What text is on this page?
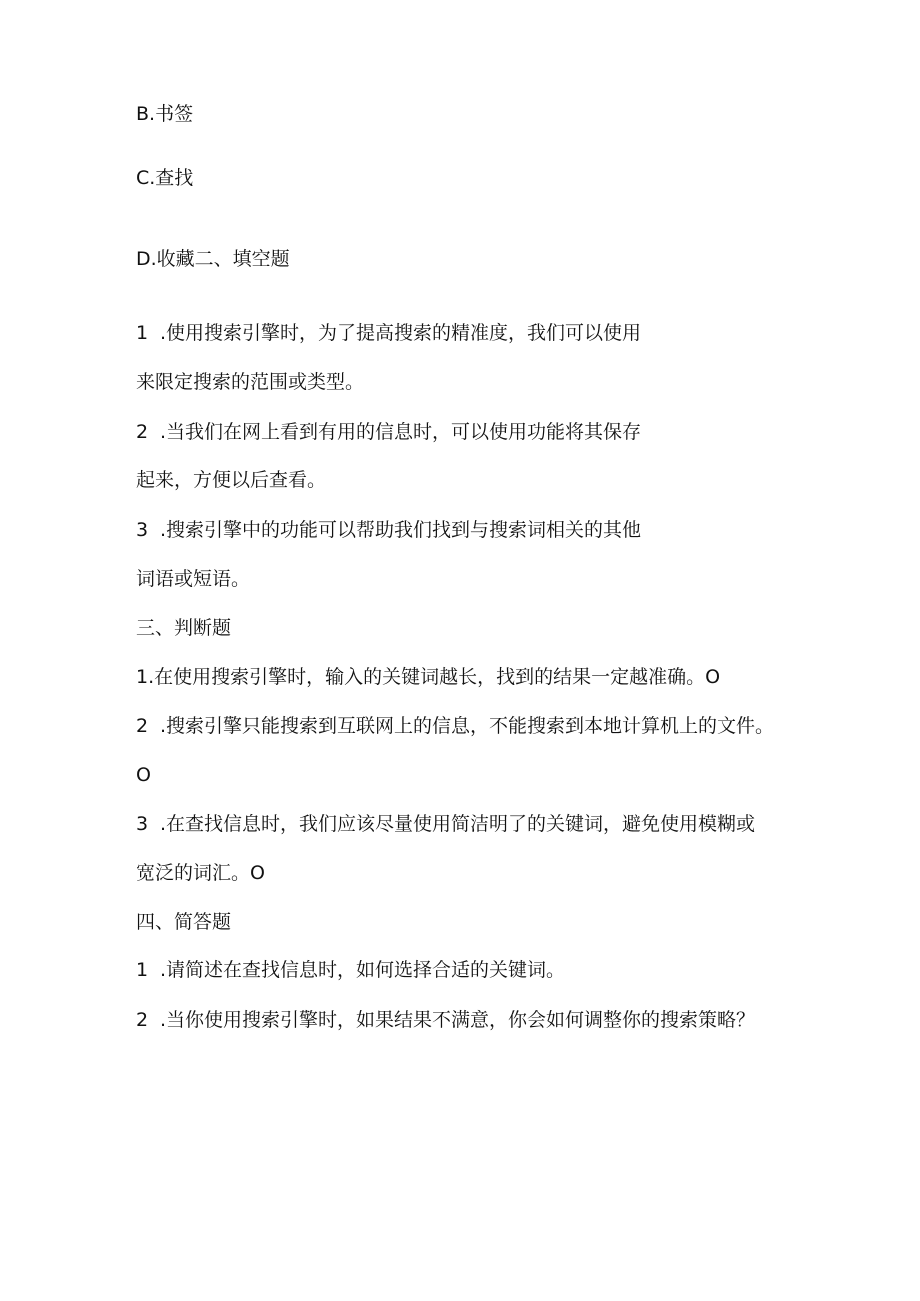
B.书签
C.查找
D.收藏二、填空题
1 .使用搜索引擎时，为了提高搜索的精准度，我们可以使用
来限定搜索的范围或类型。
2 .当我们在网上看到有用的信息时，可以使用功能将其保存
起来，方便以后查看。
3 .搜索引擎中的功能可以帮助我们找到与搜索词相关的其他
词语或短语。
三、判断题
1.在使用搜索引擎时，输入的关键词越长，找到的结果一定越准确。O
2 .搜索引擎只能搜索到互联网上的信息，不能搜索到本地计算机上的文件。
O
3 .在查找信息时，我们应该尽量使用简洁明了的关键词，避免使用模糊或
宽泛的词汇。O
四、简答题
1 .请简述在查找信息时，如何选择合适的关键词。
2 .当你使用搜索引擎时，如果结果不满意，你会如何调整你的搜索策略？
